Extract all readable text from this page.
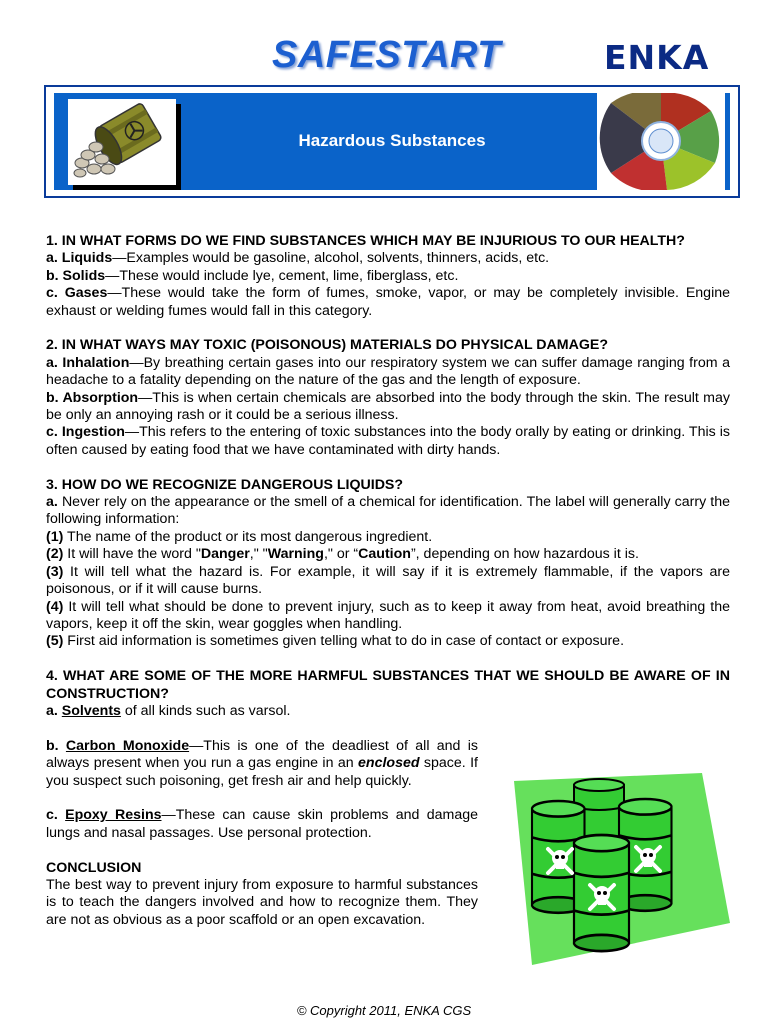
SAFESTART	ENKA
Hazardous Substances

1. IN WHAT FORMS DO WE FIND SUBSTANCES WHICH MAY BE INJURIOUS TO OUR HEALTH?

a. Liquids—Examples would be gasoline, alcohol, solvents, thinners, acids, etc.

b. Solids—These would include lye, cement, lime, fiberglass, etc.

c. Gases—These would take the form of fumes, smoke, vapor, or may be completely invisible. Engine exhaust or welding fumes would fall in this category.

2. IN WHAT WAYS MAY TOXIC (POISONOUS) MATERIALS DO PHYSICAL DAMAGE?

a. Inhalation—By breathing certain gases into our respiratory system we can suffer damage ranging from a headache to a fatality depending on the nature of the gas and the length of exposure.

b. Absorption—This is when certain chemicals are absorbed into the body through the skin. The result may be only an annoying rash or it could be a serious illness.

c. Ingestion—This refers to the entering of toxic substances into the body orally by eating or drinking. This is often caused by eating food that we have contaminated with dirty hands.

3. HOW DO WE RECOGNIZE DANGEROUS LIQUIDS?

a. Never rely on the appearance or the smell of a chemical for identification. The label will generally carry the following information:

(1) The name of the product or its most dangerous ingredient.

(2) It will have the word "Danger," "Warning," or “Caution”, depending on how hazardous it is.

(3) It will tell what the hazard is. For example, it will say if it is extremely flammable, if the vapors are poisonous, or if it will cause burns.

(4) It will tell what should be done to prevent injury, such as to keep it away from heat, avoid breathing the vapors, keep it off the skin, wear goggles when handling.

(5) First aid information is sometimes given telling what to do in case of contact or exposure.

4. WHAT ARE SOME OF THE MORE HARMFUL SUBSTANCES THAT WE SHOULD BE AWARE OF IN CONSTRUCTION?

a. Solvents of all kinds such as varsol.

b. Carbon Monoxide—This is one of the deadliest of all and is always present when you run a gas engine in an enclosed space. If you suspect such poisoning, get fresh air and help quickly.

c. Epoxy Resins—These can cause skin problems and damage lungs and nasal passages. Use personal protection.

CONCLUSION

The best way to prevent injury from exposure to harmful substances is to teach the dangers involved and how to recognize them. They are not as obvious as a poor scaffold or an open excavation.

© Copyright 2011, ENKA CGS
